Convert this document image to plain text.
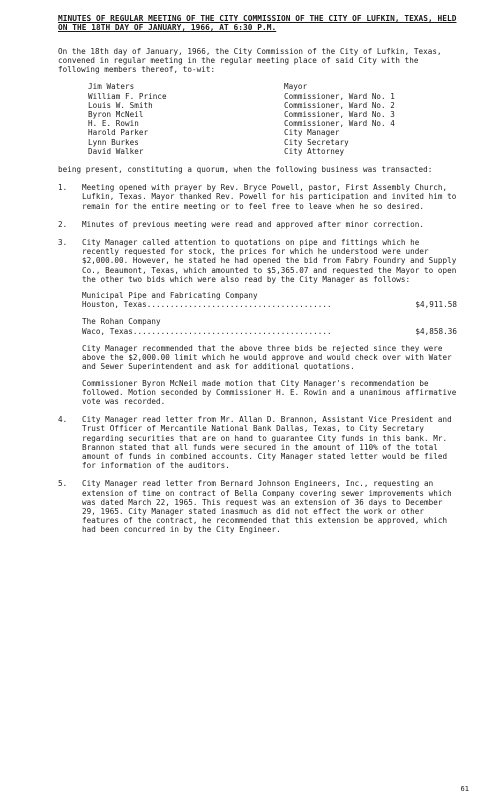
MINUTES OF REGULAR MEETING OF THE CITY COMMISSION OF THE CITY OF LUFKIN, TEXAS, HELD ON THE 18TH DAY OF JANUARY, 1966, AT 6:30 P.M.

On the 18th day of January, 1966, the City Commission of the City of Lufkin, Texas, convened in regular meeting in the regular meeting place of said City with the following members thereof, to-wit:

Jim Waters	Mayor
William F. Prince	Commissioner, Ward No. 1
Louis W. Smith	Commissioner, Ward No. 2
Byron McNeil	Commissioner, Ward No. 3
H. E. Rowin	Commissioner, Ward No. 4
Harold Parker	City Manager
Lynn Burkes	City Secretary
David Walker	City Attorney

being present, constituting a quorum, when the following business was transacted:

1.	Meeting opened with prayer by Rev. Bryce Powell, pastor, First Assembly Church, Lufkin, Texas. Mayor thanked Rev. Powell for his participation and invited him to remain for the entire meeting or to feel free to leave when he so desired.

2.	Minutes of previous meeting were read and approved after minor correction.

3.	City Manager called attention to quotations on pipe and fittings which he recently requested for stock, the prices for which he understood were under $2,000.00. However, he stated he had opened the bid from Fabry Foundry and Supply Co., Beaumont, Texas, which amounted to $5,365.07 and requested the Mayor to open the other two bids which were also read by the City Manager as follows:

Municipal Pipe and Fabricating Company
Houston, Texas ........................................	$4,911.58
The Rohan Company
Waco, Texas ...........................................	$4,858.36

City Manager recommended that the above three bids be rejected since they were above the $2,000.00 limit which he would approve and would check over with Water and Sewer Superintendent and ask for additional quotations.

Commissioner Byron McNeil made motion that City Manager's recommendation be followed. Motion seconded by Commissioner H. E. Rowin and a unanimous affirmative vote was recorded.

4.	City Manager read letter from Mr. Allan D. Brannon, Assistant Vice President and Trust Officer of Mercantile National Bank Dallas, Texas, to City Secretary regarding securities that are on hand to guarantee City funds in this bank. Mr. Brannon stated that all funds were secured in the amount of 110% of the total amount of funds in combined accounts. City Manager stated letter would be filed for information of the auditors.

5.	City Manager read letter from Bernard Johnson Engineers, Inc., requesting an extension of time on contract of Bella Company covering sewer improvements which was dated March 22, 1965. This request was an extension of 36 days to December 29, 1965. City Manager stated inasmuch as did not effect the work or other features of the contract, he recommended that this extension be approved, which had been concurred in by the City Engineer.

61
